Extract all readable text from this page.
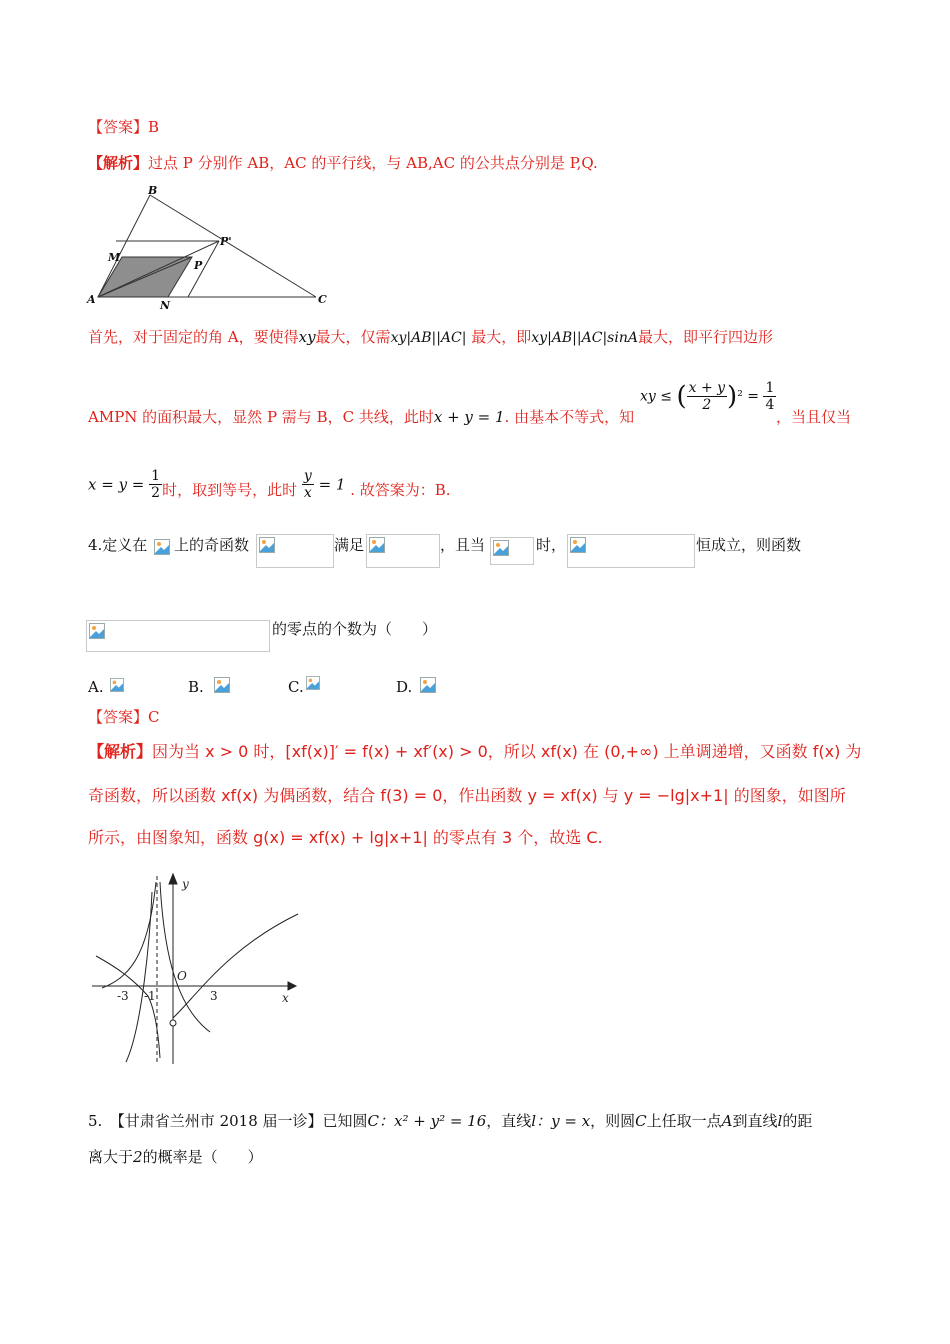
【答案】B
【解析】过点 P 分别作 AB，AC 的平行线，与 AB,AC 的公共点分别是 P,Q.
B
M
P
P'
A	N	C
首先，对于固定的角 A，要使得xy最大，仅需xy|AB||AC| 最大，即xy|AB||AC|sinA最大，即平行四边形
AMPN 的面积最大，显然 P 需与 B，C 共线，此时x + y = 1. 由基本不等式，知
xy ≤ ( $\frac{x + y}{2} )^2 = \frac{1}{4}$
，当且仅当
$x = y = \frac{1}{2}$ 时，取到等号，此时 $\frac{y}{x} = 1$ . 故答案为：B.
4.定义在 上的奇函数	满足	，且当	时，	恒成立，则函数
的零点的个数为（　　）
A.	B.	C.	D.
【答案】C
【解析】因为当 x > 0 时，[xf(x)]′ = f(x) + xf′(x) > 0，所以 xf(x) 在 (0,+∞) 上单调递增，又函数 f(x) 为
奇函数，所以函数 xf(x) 为偶函数，结合 f(3) = 0，作出函数 y = xf(x) 与 y = −lg|x+1| 的图象，如图所
所示，由图象知，函数 g(x) = xf(x) + lg|x+1| 的零点有 3 个，故选 C.
y
x
O
-3 -1	3
5.　【甘肃省兰州市 2018 届一诊】已知圆C：x² + y² = 16，直线l：y = x，则圆C上任取一点A到直线l的距
离大于2的概率是（　　）
